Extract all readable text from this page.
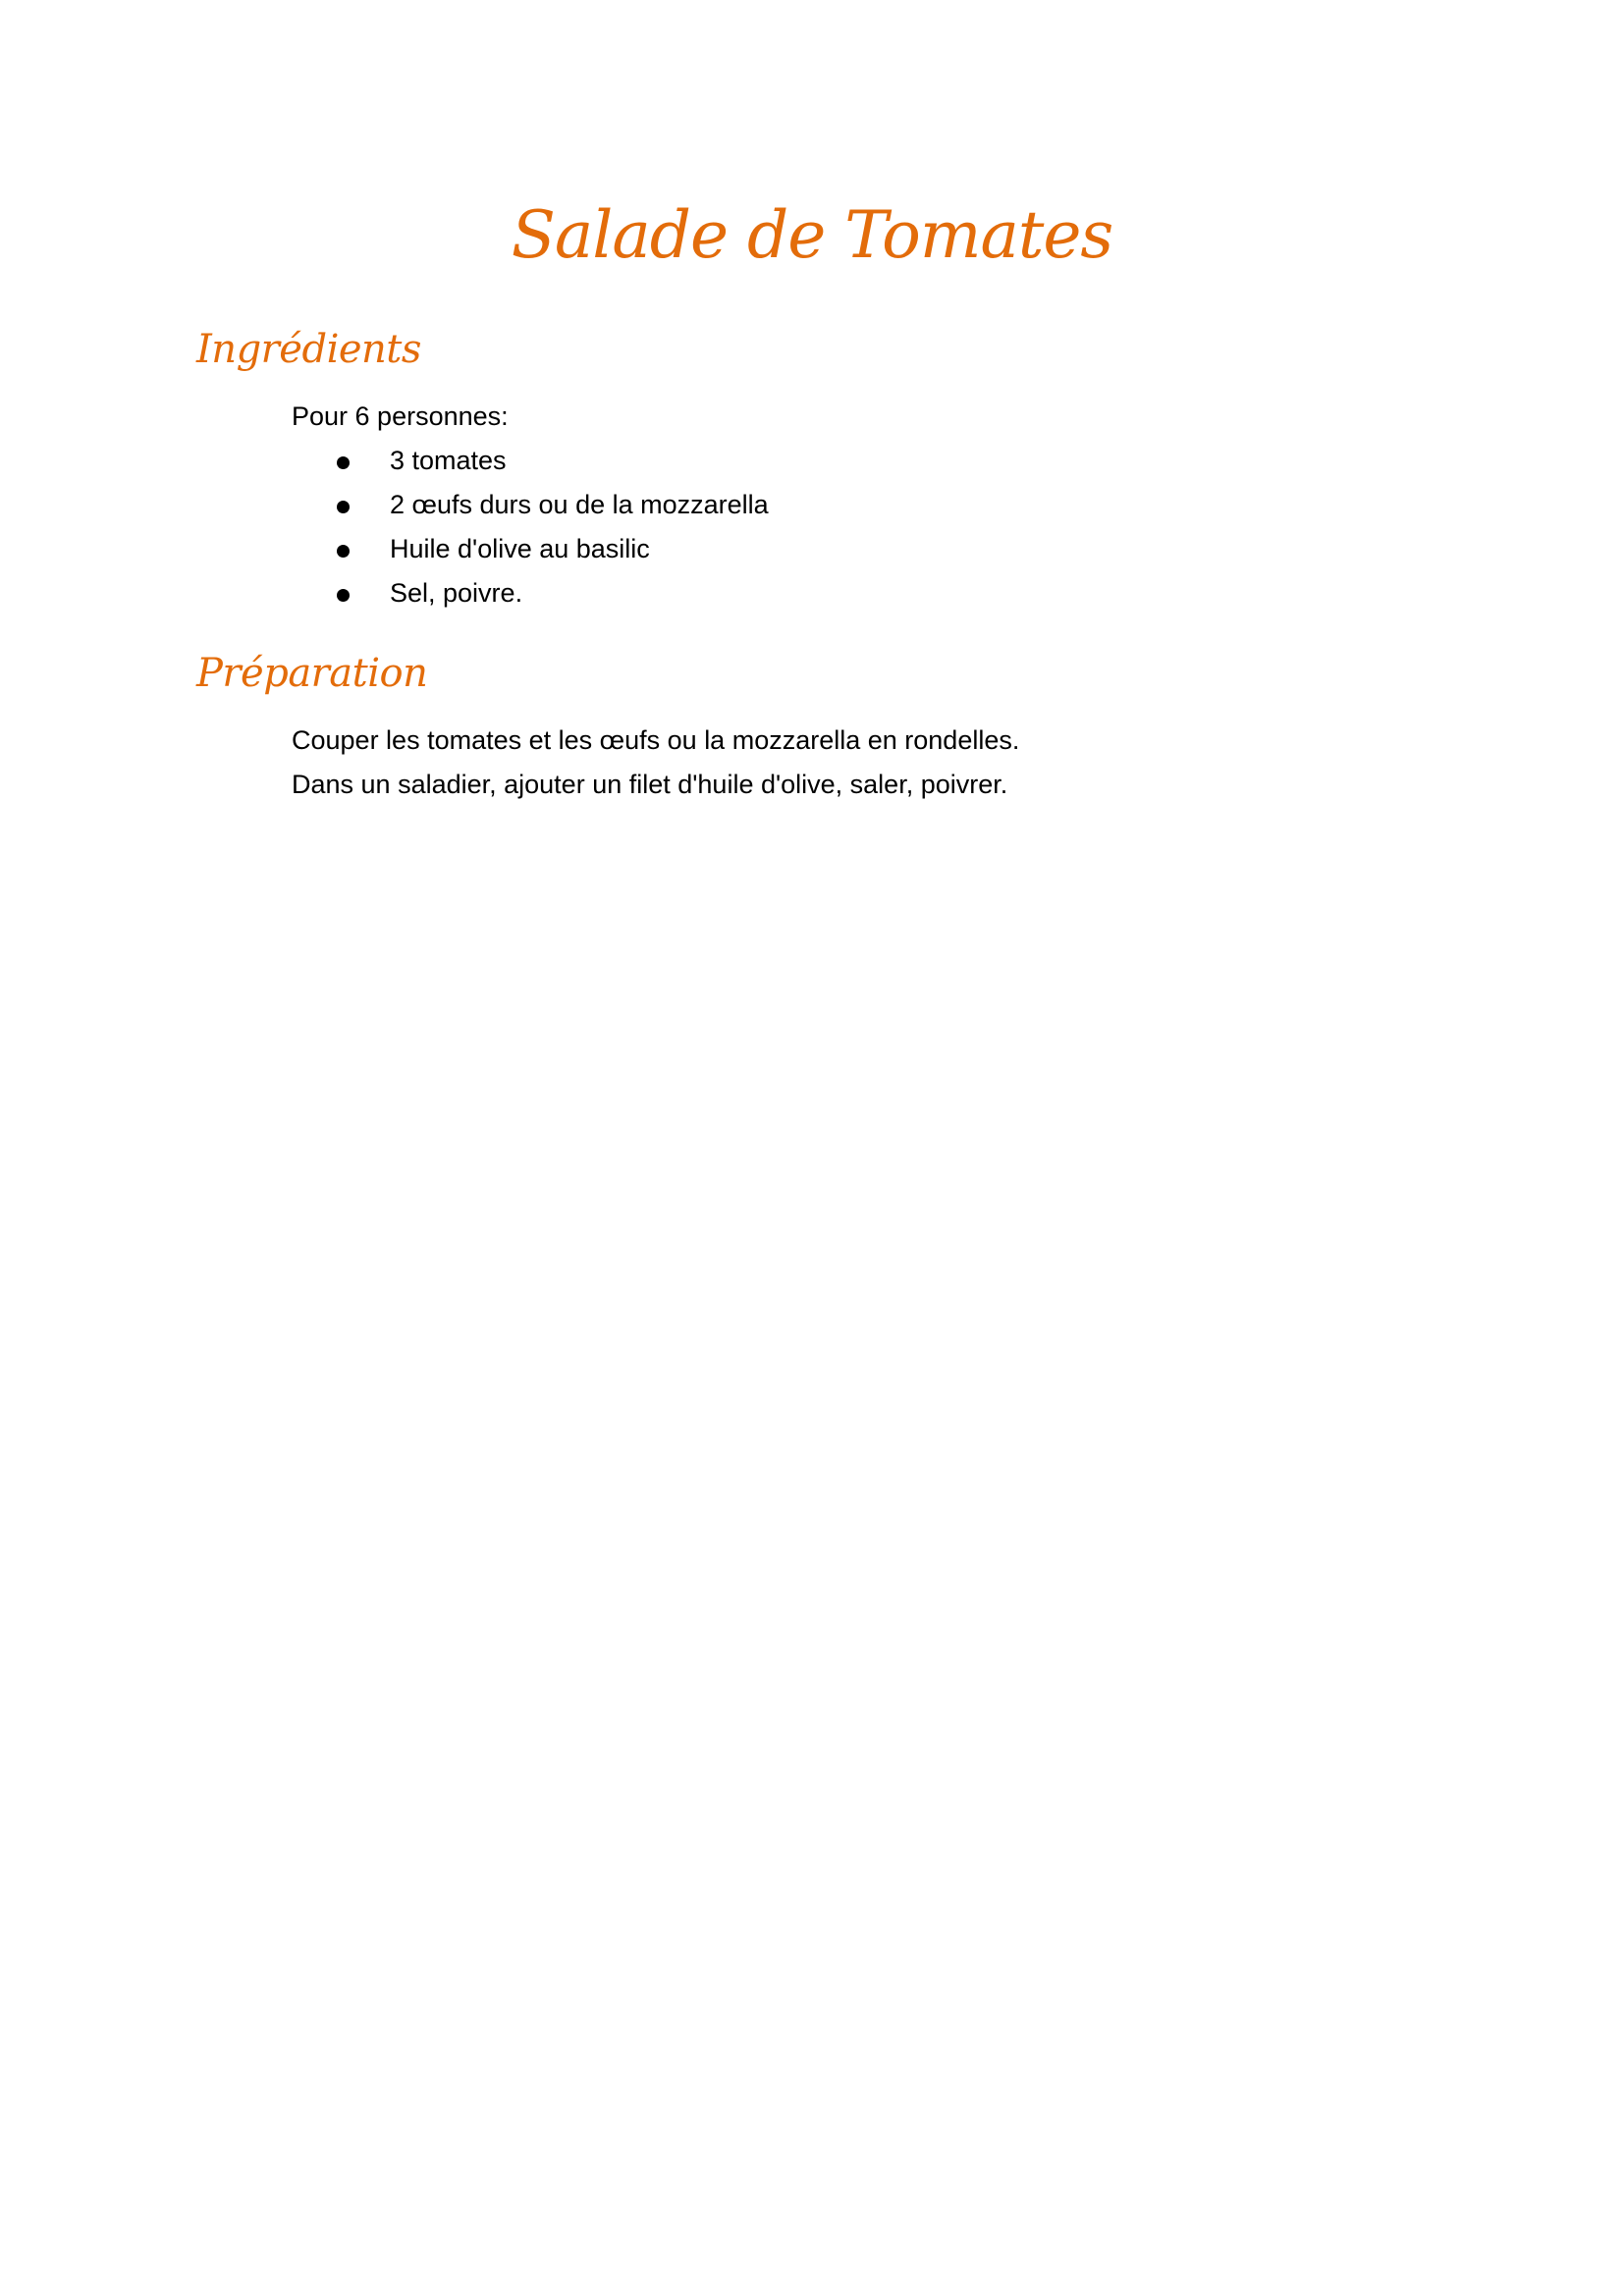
Salade de Tomates
Ingrédients

Pour 6 personnes:

3 tomates
2 œufs durs ou de la mozzarella
Huile d'olive au basilic
Sel, poivre.
Préparation

Couper les tomates et les œufs ou la mozzarella en rondelles.

Dans un saladier, ajouter un filet d'huile d'olive, saler, poivrer.
